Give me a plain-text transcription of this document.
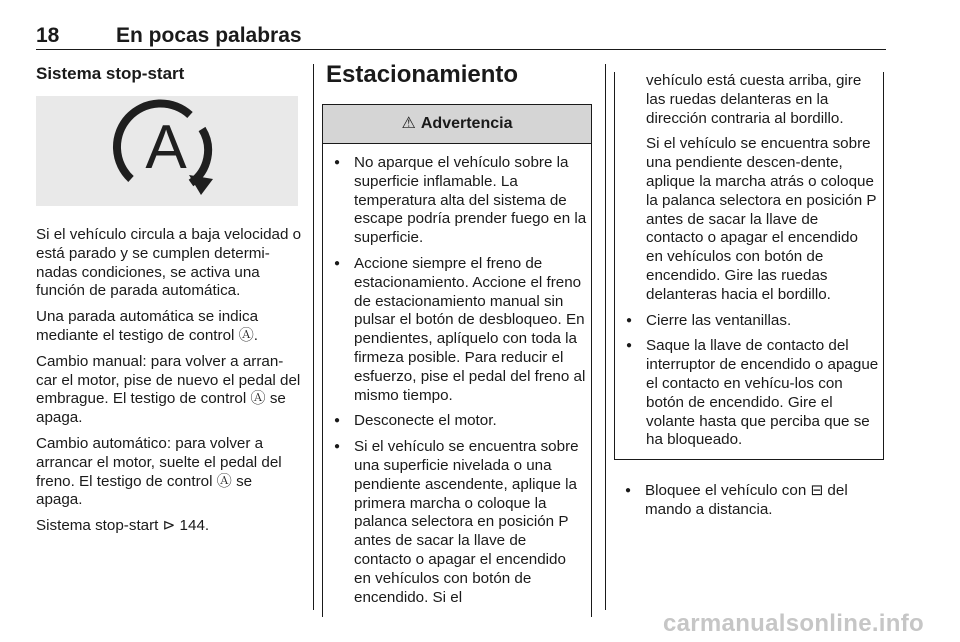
18	En pocas palabras
Sistema stop-start
A

Si el vehículo circula a baja velocidad o está parado y se cumplen determi-nadas condiciones, se activa una función de parada automática.

Una parada automática se indica mediante el testigo de control Ⓐ.

Cambio manual: para volver a arran-car el motor, pise de nuevo el pedal del embrague. El testigo de control Ⓐ se apaga.

Cambio automático: para volver a arrancar el motor, suelte el pedal del freno. El testigo de control Ⓐ se apaga.

Sistema stop-start ⊳ 144.

Estacionamiento
⚠ Advertencia
● No aparque el vehículo sobre la superficie inflamable. La temperatura alta del sistema de escape podría prender fuego en la superficie.
● Accione siempre el freno de estacionamiento. Accione el freno de estacionamiento manual sin pulsar el botón de desbloqueo. En pendientes, aplíquelo con toda la firmeza posible. Para reducir el esfuerzo, pise el pedal del freno al mismo tiempo.
● Desconecte el motor.
● Si el vehículo se encuentra sobre una superficie nivelada o una pendiente ascendente, aplique la primera marcha o coloque la palanca selectora en posición P antes de sacar la llave de contacto o apagar el encendido en vehículos con botón de encendido. Si el

vehículo está cuesta arriba, gire las ruedas delanteras en la dirección contraria al bordillo.

Si el vehículo se encuentra sobre una pendiente descen-dente, aplique la marcha atrás o coloque la palanca selectora en posición P antes de sacar la llave de contacto o apagar el encendido en vehículos con botón de encendido. Gire las ruedas delanteras hacia el bordillo.

● Cierre las ventanillas.
● Saque la llave de contacto del interruptor de encendido o apague el contacto en vehícu-los con botón de encendido. Gire el volante hasta que perciba que se ha bloqueado.
● Bloquee el vehículo con ⊟ del mando a distancia.
carmanualsonline.info
